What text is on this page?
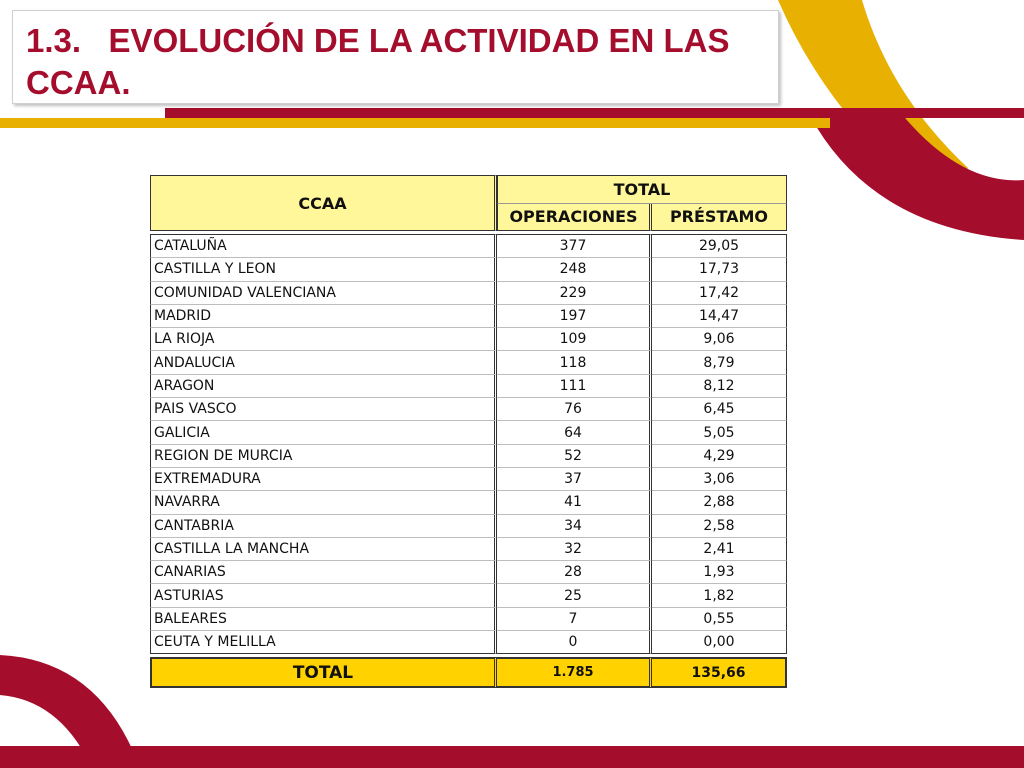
1.3.   EVOLUCIÓN DE LA ACTIVIDAD EN LAS
CCAA.
CCAA	TOTAL	
	OPERACIONES	PRÉSTAMO

CATALUÑA	377	29,05
CASTILLA Y LEON	248	17,73
COMUNIDAD VALENCIANA	229	17,42
MADRID	197	14,47
LA RIOJA	109	9,06
ANDALUCIA	118	8,79
ARAGON	111	8,12
PAIS VASCO	76	6,45
GALICIA	64	5,05
REGION DE MURCIA	52	4,29
EXTREMADURA	37	3,06
NAVARRA	41	2,88
CANTABRIA	34	2,58
CASTILLA LA MANCHA	32	2,41
CANARIAS	28	1,93
ASTURIAS	25	1,82
BALEARES	7	0,55
CEUTA Y MELILLA	0	0,00

TOTAL	1.785	135,66
